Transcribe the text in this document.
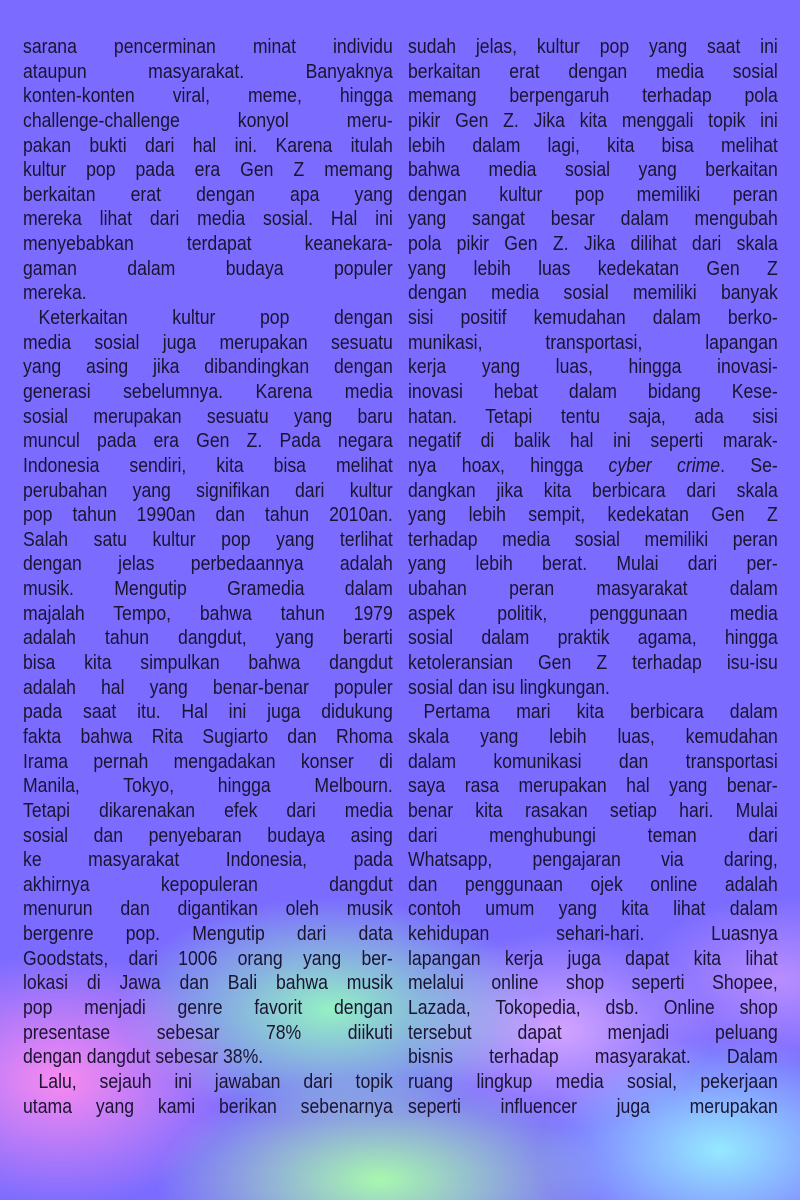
sarana pencerminan minat individu
ataupun masyarakat. Banyaknya
konten-konten viral, meme, hingga
challenge-challenge konyol meru-
pakan bukti dari hal ini. Karena itulah
kultur pop pada era Gen Z memang
berkaitan erat dengan apa yang
mereka lihat dari media sosial. Hal ini
menyebabkan terdapat keanekara-
gaman dalam budaya populer
mereka.
Keterkaitan kultur pop dengan
media sosial juga merupakan sesuatu
yang asing jika dibandingkan dengan
generasi sebelumnya. Karena media
sosial merupakan sesuatu yang baru
muncul pada era Gen Z. Pada negara
Indonesia sendiri, kita bisa melihat
perubahan yang signifikan dari kultur
pop tahun 1990an dan tahun 2010an.
Salah satu kultur pop yang terlihat
dengan jelas perbedaannya adalah
musik. Mengutip Gramedia dalam
majalah Tempo, bahwa tahun 1979
adalah tahun dangdut, yang berarti
bisa kita simpulkan bahwa dangdut
adalah hal yang benar-benar populer
pada saat itu. Hal ini juga didukung
fakta bahwa Rita Sugiarto dan Rhoma
Irama pernah mengadakan konser di
Manila, Tokyo, hingga Melbourn.
Tetapi dikarenakan efek dari media
sosial dan penyebaran budaya asing
ke masyarakat Indonesia, pada
akhirnya kepopuleran dangdut
menurun dan digantikan oleh musik
bergenre pop. Mengutip dari data
Goodstats, dari 1006 orang yang ber-
lokasi di Jawa dan Bali bahwa musik
pop menjadi genre favorit dengan
presentase sebesar 78% diikuti
dengan dangdut sebesar 38%.
Lalu, sejauh ini jawaban dari topik
utama yang kami berikan sebenarnya
sudah jelas, kultur pop yang saat ini
berkaitan erat dengan media sosial
memang berpengaruh terhadap pola
pikir Gen Z. Jika kita menggali topik ini
lebih dalam lagi, kita bisa melihat
bahwa media sosial yang berkaitan
dengan kultur pop memiliki peran
yang sangat besar dalam mengubah
pola pikir Gen Z. Jika dilihat dari skala
yang lebih luas kedekatan Gen Z
dengan media sosial memiliki banyak
sisi positif kemudahan dalam berko-
munikasi, transportasi, lapangan
kerja yang luas, hingga inovasi-
inovasi hebat dalam bidang Kese-
hatan. Tetapi tentu saja, ada sisi
negatif di balik hal ini seperti marak-
nya hoax, hingga cyber crime. Se-
dangkan jika kita berbicara dari skala
yang lebih sempit, kedekatan Gen Z
terhadap media sosial memiliki peran
yang lebih berat. Mulai dari per-
ubahan peran masyarakat dalam
aspek politik, penggunaan media
sosial dalam praktik agama, hingga
ketoleransian Gen Z terhadap isu-isu
sosial dan isu lingkungan.
Pertama mari kita berbicara dalam
skala yang lebih luas, kemudahan
dalam komunikasi dan transportasi
saya rasa merupakan hal yang benar-
benar kita rasakan setiap hari. Mulai
dari menghubungi teman dari
Whatsapp, pengajaran via daring,
dan penggunaan ojek online adalah
contoh umum yang kita lihat dalam
kehidupan sehari-hari. Luasnya
lapangan kerja juga dapat kita lihat
melalui online shop seperti Shopee,
Lazada, Tokopedia, dsb. Online shop
tersebut dapat menjadi peluang
bisnis terhadap masyarakat. Dalam
ruang lingkup media sosial, pekerjaan
seperti influencer juga merupakan
